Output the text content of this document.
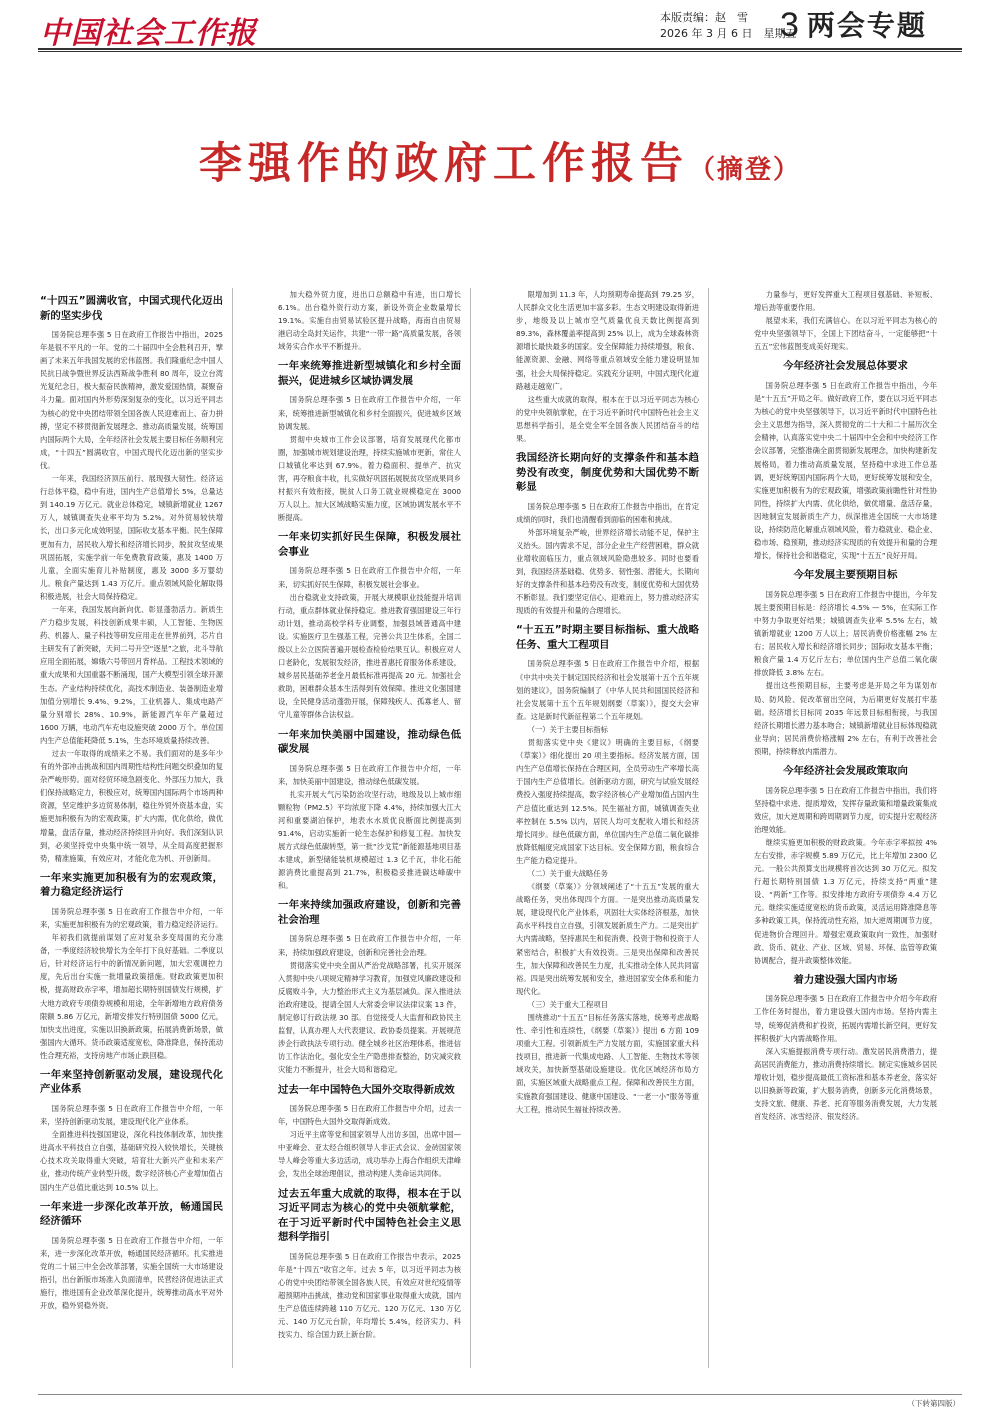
中国社会工作报	本版责编：赵　雪
2026 年 3 月 6 日　星期五
3 两会专题
李强作的政府工作报告（摘登）
“十四五”圆满收官，中国式现代化迈出新的坚实步伐

国务院总理李强 5 日在政府工作报告中指出，2025 年是很不平凡的一年。党的二十届四中全会胜利召开，擘画了未来五年我国发展的宏伟蓝图。我们隆重纪念中国人民抗日战争暨世界反法西斯战争胜利 80 周年，设立台湾光复纪念日，极大振奋民族精神，激发爱国热情，凝聚奋斗力量。面对国内外形势深刻复杂的变化，以习近平同志为核心的党中央团结带领全国各族人民迎难而上、奋力拼搏，坚定不移贯彻新发展理念、推动高质量发展，统筹国内国际两个大局，全年经济社会发展主要目标任务顺利完成，“十四五”圆满收官，中国式现代化迈出新的坚实步伐。

一年来，我国经济顶压前行、展现强大韧性。经济运行总体平稳，稳中有进，国内生产总值增长 5%，总量达到 140.19 万亿元。就业总体稳定，城镇新增就业 1267 万人，城镇调查失业率平均为 5.2%。对外贸易较快增长，出口多元化成效明显，国际收支基本平衡。民生保障更加有力，居民收入增长和经济增长同步，脱贫攻坚成果巩固拓展，实施学前一年免费教育政策，惠及 1400 万儿童，全面实施育儿补贴制度，惠及 3000 多万婴幼儿。粮食产量达到 1.43 万亿斤。重点领域风险化解取得积极进展，社会大局保持稳定。

一年来，我国发展向新向优、彰显蓬勃活力。新质生产力稳步发展，科技创新成果丰硕，人工智能、生物医药、机器人、量子科技等研发应用走在世界前列，芯片自主研发有了新突破，天问二号升空“逐星”之旅，北斗导航应用全面拓展，嫦娥六号带回月背样品。工程技术领域的重大成果和大国重器不断涌现，国产大模型引领全球开源生态。产业结构持续优化，高技术制造业、装备制造业增加值分别增长 9.4%、9.2%，工业机器人、集成电路产量分别增长 28%、10.9%，新能源汽车年产量超过 1600 万辆，电动汽车充电设施突破 2000 万个。单位国内生产总值能耗降低 5.1%，生态环境质量持续改善。

过去一年取得的成绩来之不易。我们面对的是多年少有的外部冲击挑战和国内周期性结构性问题交织叠加的复杂严峻形势。面对经贸环境急剧变化、外部压力加大，我们保持战略定力，积极应对，统筹国内国际两个市场两种资源，坚定维护多边贸易体制，稳住外贸外资基本盘，实施更加积极有为的宏观政策，扩大内需，优化供给，做优增量，盘活存量，推动经济持续回升向好。我们深刻认识到，必须坚持党中央集中统一领导，从全局高度把握形势，精准施策，有效应对，才能化危为机、开创新局。

一年来实施更加积极有为的宏观政策，着力稳定经济运行

国务院总理李强 5 日在政府工作报告中介绍，一年来，实施更加积极有为的宏观政策，着力稳定经济运行。

年初我们就提前谋划了应对复杂多变局面的充分准备，一季度经济较快增长为全年打下良好基础。二季度以后，针对经济运行中的新情况新问题，加大宏观调控力度，先后出台实施一批增量政策措施。财政政策更加积极，提高财政赤字率，增加超长期特别国债发行规模，扩大地方政府专项债券规模和用途，全年新增地方政府债务限额 5.86 万亿元，新增安排发行特别国债 5000 亿元，加快支出进度，实施以旧换新政策，拓展消费新场景，做强国内大循环。货币政策适度宽松，降准降息，保持流动性合理充裕，支持房地产市场止跌回稳。

一年来坚持创新驱动发展，建设现代化产业体系

国务院总理李强 5 日在政府工作报告中介绍，一年来，坚持创新驱动发展，建设现代化产业体系。

全面推进科技强国建设，深化科技体制改革，加快推进高水平科技自立自强，基础研究投入较快增长，关键核心技术攻关取得重大突破，培育壮大新兴产业和未来产业，推动传统产业转型升级，数字经济核心产业增加值占国内生产总值比重达到 10.5% 以上。

一年来进一步深化改革开放，畅通国民经济循环

国务院总理李强 5 日在政府工作报告中介绍，一年来，进一步深化改革开放，畅通国民经济循环。扎实推进党的二十届三中全会改革部署，实施全国统一大市场建设指引，出台新版市场准入负面清单，民营经济促进法正式施行，推进国有企业改革深化提升，统筹推动高水平对外开放，稳外贸稳外资。

加大稳外贸力度，进出口总额稳中有进，出口增长 6.1%。出台稳外资行动方案，新设外资企业数量增长 19.1%。实施自由贸易试验区提升战略，海南自由贸易港启动全岛封关运作，共建“一带一路”高质量发展，各领域务实合作水平不断提升。

一年来统筹推进新型城镇化和乡村全面振兴，促进城乡区域协调发展

国务院总理李强 5 日在政府工作报告中介绍，一年来，统筹推进新型城镇化和乡村全面振兴，促进城乡区域协调发展。

贯彻中央城市工作会议部署，培育发展现代化都市圈，加强城市规划建设治理，持续实施城市更新，常住人口城镇化率达到 67.9%。着力稳面积、提单产、抗灾害，再夺粮食丰收，扎实做好巩固拓展脱贫攻坚成果同乡村振兴有效衔接，脱贫人口务工就业规模稳定在 3000 万人以上。加大区域战略实施力度，区域协调发展水平不断提高。

一年来切实抓好民生保障，积极发展社会事业

国务院总理李强 5 日在政府工作报告中介绍，一年来，切实抓好民生保障，积极发展社会事业。

出台稳就业支持政策，开展大规模职业技能提升培训行动，重点群体就业保持稳定。推进教育强国建设三年行动计划，推动高校学科专业调整，加强县域普通高中建设。实施医疗卫生强基工程，完善公共卫生体系，全国二级以上公立医院普遍开展检查检验结果互认。积极应对人口老龄化，发展银发经济，推进普惠托育服务体系建设，城乡居民基础养老金月最低标准再提高 20 元。加强社会救助，困难群众基本生活得到有效保障。推进文化强国建设，全民健身活动蓬勃开展，保障残疾人、孤寡老人、留守儿童等群体合法权益。

一年来加快美丽中国建设，推动绿色低碳发展

国务院总理李强 5 日在政府工作报告中介绍，一年来，加快美丽中国建设，推动绿色低碳发展。

扎实开展大气污染防治攻坚行动，地级及以上城市细颗粒物（PM2.5）平均浓度下降 4.4%，持续加强大江大河和重要湖泊保护，地表水水质优良断面比例提高到 91.4%，启动实施新一轮生态保护和修复工程。加快发展方式绿色低碳转型，第一批“沙戈荒”新能源基地项目基本建成，新型储能装机规模超过 1.3 亿千瓦，非化石能源消费比重提高到 21.7%，积极稳妥推进碳达峰碳中和。

一年来持续加强政府建设，创新和完善社会治理

国务院总理李强 5 日在政府工作报告中介绍，一年来，持续加强政府建设，创新和完善社会治理。

贯彻落实党中央全面从严治党战略部署，扎实开展深入贯彻中央八项规定精神学习教育，加强党风廉政建设和反腐败斗争，大力整治形式主义为基层减负。深入推进法治政府建设，提请全国人大常委会审议法律议案 13 件，制定修订行政法规 30 部。自觉接受人大监督和政协民主监督，认真办理人大代表建议、政协委员提案。开展规范涉企行政执法专项行动。健全城乡社区治理体系，推进信访工作法治化，强化安全生产隐患排查整治，防灾减灾救灾能力不断提升，社会大局和谐稳定。

过去一年中国特色大国外交取得新成效

国务院总理李强 5 日在政府工作报告中介绍，过去一年，中国特色大国外交取得新成效。

习近平主席等党和国家领导人出访多国，出席中国—中亚峰会、亚太经合组织领导人非正式会议、金砖国家领导人峰会等重大多边活动，成功举办上海合作组织天津峰会，发出全球治理倡议，推动构建人类命运共同体。

过去五年重大成就的取得，根本在于以习近平同志为核心的党中央领航掌舵，在于习近平新时代中国特色社会主义思想科学指引

国务院总理李强 5 日在政府工作报告中表示，2025 年是“十四五”收官之年。过去 5 年，以习近平同志为核心的党中央团结带领全国各族人民，有效应对世纪疫情等超预期冲击挑战，推动党和国家事业取得重大成就，国内生产总值连续跨越 110 万亿元、120 万亿元、130 万亿元、140 万亿元台阶，年均增长 5.4%，经济实力、科技实力、综合国力跃上新台阶。

限增加到 11.3 年，人均预期寿命提高到 79.25 岁，人民群众文化生活更加丰富多彩。生态文明建设取得新进步，地级及以上城市空气质量优良天数比例提高到 89.3%，森林覆盖率提高到 25% 以上，成为全球森林资源增长最快最多的国家。安全保障能力持续增强，粮食、能源资源、金融、网络等重点领域安全能力建设明显加强，社会大局保持稳定。实践充分证明，中国式现代化道路越走越宽广。

这些重大成就的取得，根本在于以习近平同志为核心的党中央领航掌舵，在于习近平新时代中国特色社会主义思想科学指引，是全党全军全国各族人民团结奋斗的结果。

我国经济长期向好的支撑条件和基本趋势没有改变，制度优势和大国优势不断彰显

国务院总理李强 5 日在政府工作报告中指出，在肯定成绩的同时，我们也清醒看到面临的困难和挑战。

外部环境复杂严峻，世界经济增长动能不足，保护主义抬头。国内需求不足，部分企业生产经营困难，群众就业增收面临压力，重点领域风险隐患较多。同时也要看到，我国经济基础稳、优势多、韧性强、潜能大，长期向好的支撑条件和基本趋势没有改变，制度优势和大国优势不断彰显。我们要坚定信心、迎难而上，努力推动经济实现质的有效提升和量的合理增长。

“十五五”时期主要目标指标、重大战略任务、重大工程项目

国务院总理李强 5 日在政府工作报告中介绍，根据《中共中央关于制定国民经济和社会发展第十五个五年规划的建议》，国务院编制了《中华人民共和国国民经济和社会发展第十五个五年规划纲要（草案）》，提交大会审查。这是新时代新征程第二个五年规划。

（一）关于主要目标指标

贯彻落实党中央《建议》明确的主要目标，《纲要（草案）》细化提出 20 项主要指标。经济发展方面，国内生产总值增长保持在合理区间，全员劳动生产率增长高于国内生产总值增长。创新驱动方面，研究与试验发展经费投入强度持续提高，数字经济核心产业增加值占国内生产总值比重达到 12.5%。民生福祉方面，城镇调查失业率控制在 5.5% 以内，居民人均可支配收入增长和经济增长同步。绿色低碳方面，单位国内生产总值二氧化碳排放降低幅度完成国家下达目标。安全保障方面，粮食综合生产能力稳定提升。

（二）关于重大战略任务

《纲要（草案）》分领域阐述了“十五五”发展的重大战略任务，突出体现四个方面。一是突出推动高质量发展，建设现代化产业体系，巩固壮大实体经济根基，加快高水平科技自立自强，引领发展新质生产力。二是突出扩大内需战略，坚持惠民生和促消费、投资于物和投资于人紧密结合，积极扩大有效投资。三是突出保障和改善民生，加大保障和改善民生力度，扎实推动全体人民共同富裕。四是突出统筹发展和安全，推进国家安全体系和能力现代化。

（三）关于重大工程项目

围绕推动“十五五”目标任务落实落地，统筹考虑战略性、牵引性和连续性，《纲要（草案）》提出 6 方面 109 项重大工程。引领新质生产力发展方面，实施国家重大科技项目，推进新一代集成电路、人工智能、生物技术等领域攻关，加快新型基础设施建设。优化区域经济布局方面，实施区域重大战略重点工程。保障和改善民生方面，实施教育强国建设、健康中国建设、“一老一小”服务等重大工程，推动民生福祉持续改善。

力量参与，更好发挥重大工程项目强基础、补短板、增后劲等重要作用。

展望未来，我们充满信心。在以习近平同志为核心的党中央坚强领导下，全国上下团结奋斗，一定能够把“十五五”宏伟蓝图变成美好现实。

今年经济社会发展总体要求

国务院总理李强 5 日在政府工作报告中指出，今年是“十五五”开局之年。做好政府工作，要在以习近平同志为核心的党中央坚强领导下，以习近平新时代中国特色社会主义思想为指导，深入贯彻党的二十大和二十届历次全会精神，认真落实党中央二十届四中全会和中央经济工作会议部署，完整准确全面贯彻新发展理念，加快构建新发展格局，着力推动高质量发展，坚持稳中求进工作总基调，更好统筹国内国际两个大局，更好统筹发展和安全，实施更加积极有为的宏观政策，增强政策前瞻性针对性协同性，持续扩大内需、优化供给，做优增量、盘活存量，因地制宜发展新质生产力，纵深推进全国统一大市场建设，持续防范化解重点领域风险，着力稳就业、稳企业、稳市场、稳预期，推动经济实现质的有效提升和量的合理增长，保持社会和谐稳定，实现“十五五”良好开局。

今年发展主要预期目标

国务院总理李强 5 日在政府工作报告中提出，今年发展主要预期目标是：经济增长 4.5% — 5%，在实际工作中努力争取更好结果；城镇调查失业率 5.5% 左右，城镇新增就业 1200 万人以上；居民消费价格涨幅 2% 左右；居民收入增长和经济增长同步；国际收支基本平衡；粮食产量 1.4 万亿斤左右；单位国内生产总值二氧化碳排放降低 3.8% 左右。

提出这些预期目标，主要考虑是开局之年为谋划布局、防风险、促改革留出空间，为后期更好发展打牢基础。经济增长目标同 2035 年远景目标相衔接，与我国经济长期增长潜力基本吻合；城镇新增就业目标体现稳就业导向；居民消费价格涨幅 2% 左右，有利于改善社会预期，持续释放内需潜力。

今年经济社会发展政策取向

国务院总理李强 5 日在政府工作报告中指出，我们将坚持稳中求进、提质增效，发挥存量政策和增量政策集成效应，加大逆周期和跨周期调节力度，切实提升宏观经济治理效能。

继续实施更加积极的财政政策。今年赤字率拟按 4% 左右安排，赤字规模 5.89 万亿元，比上年增加 2300 亿元。一般公共预算支出规模将首次达到 30 万亿元。拟发行超长期特别国债 1.3 万亿元，持续支持“两重”建设、“两新”工作等。拟安排地方政府专项债券 4.4 万亿元。继续实施适度宽松的货币政策，灵活运用降准降息等多种政策工具，保持流动性充裕，加大逆周期调节力度，促进物价合理回升。增强宏观政策取向一致性，加强财政、货币、就业、产业、区域、贸易、环保、监管等政策协调配合，提升政策整体效能。

着力建设强大国内市场

国务院总理李强 5 日在政府工作报告中介绍今年政府工作任务时提出，着力建设强大国内市场。坚持内需主导，统筹促消费和扩投资，拓展内需增长新空间，更好发挥积极扩大内需战略作用。

深入实施提振消费专项行动。激发居民消费潜力，提高居民消费能力，推动消费持续增长。制定实施城乡居民增收计划，稳步提高最低工资标准和基本养老金，落实好以旧换新等政策，扩大服务消费，创新多元化消费场景，支持文旅、健康、养老、托育等服务消费发展，大力发展首发经济、冰雪经济、银发经济。

（下转第四版）
